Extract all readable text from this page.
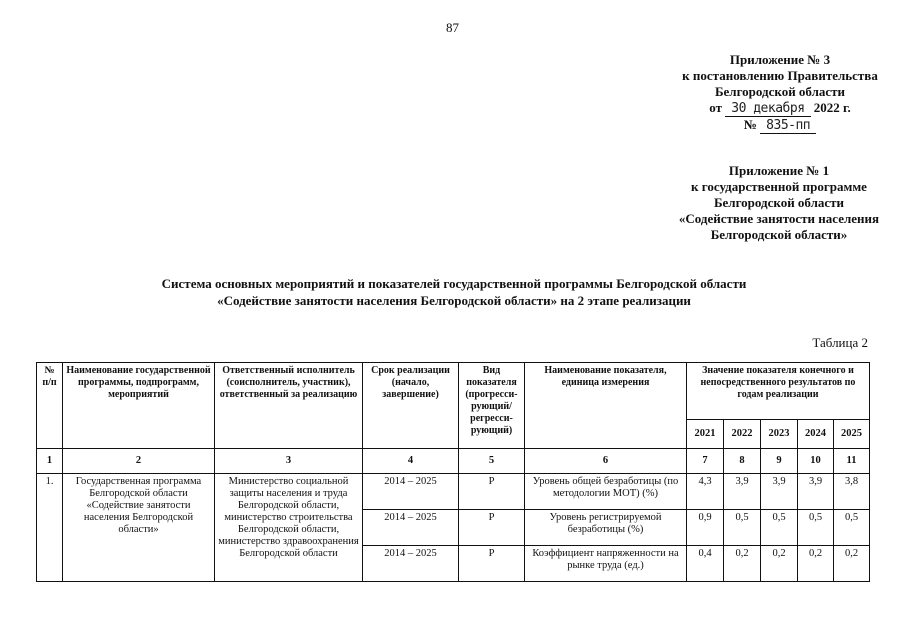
87
Приложение № 3
к постановлению Правительства
Белгородской области
от 30 декабря 2022 г.
№ 835-пп
Приложение № 1
к государственной программе
Белгородской области
«Содействие занятости населения
Белгородской области»
Система основных мероприятий и показателей государственной программы Белгородской области
«Содействие занятости населения Белгородской области» на 2 этапе реализации
Таблица 2
№ п/п	Наименование государственной программы, подпрограмм, мероприятий	Ответственный исполнитель (соисполнитель, участник), ответственный за реализацию	Срок реализации (начало, завершение)	Вид показателя (прогресси-рующий/ регресси-рующий)	Наименование показателя, единица измерения	Значение показателя конечного и непосредственного результатов по годам реализации				
						2021	2022	2023	2024	2025
1	2	3	4	5	6	7	8	9	10	11
1.	Государственная программа Белгородской области «Содействие занятости населения Белгородской области»	Министерство социальной защиты населения и труда Белгородской области, министерство строительства Белгородской области, министерство здравоохранения Белгородской области	2014 – 2025	Р	Уровень общей безработицы (по методологии МОТ) (%)	4,3	3,9	3,9	3,9	3,8
			2014 – 2025	Р	Уровень регистрируемой безработицы (%)	0,9	0,5	0,5	0,5	0,5
			2014 – 2025	Р	Коэффициент напряженности на рынке труда (ед.)	0,4	0,2	0,2	0,2	0,2
